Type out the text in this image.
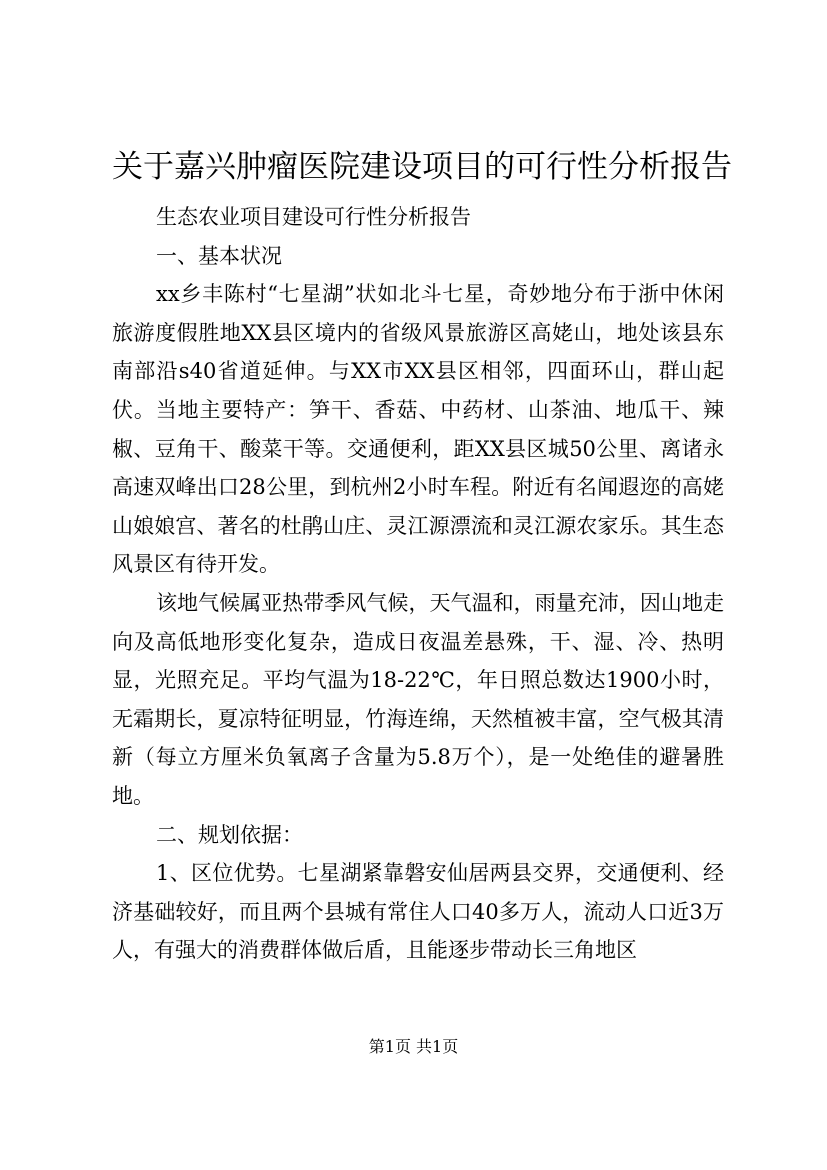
关于嘉兴肿瘤医院建设项目的可行性分析报告

生态农业项目建设可行性分析报告

一、基本状况

xx乡丰陈村“七星湖”状如北斗七星，奇妙地分布于浙中休闲旅游度假胜地XX县区境内的省级风景旅游区高姥山，地处该县东南部沿s40省道延伸。与XX市XX县区相邻，四面环山，群山起伏。当地主要特产：笋干、香菇、中药材、山茶油、地瓜干、辣椒、豆角干、酸菜干等。交通便利，距XX县区城50公里、离诸永高速双峰出口28公里，到杭州2小时车程。附近有名闻遐迩的高姥山娘娘宫、著名的杜鹃山庄、灵江源漂流和灵江源农家乐。其生态风景区有待开发。

该地气候属亚热带季风气候，天气温和，雨量充沛，因山地走向及高低地形变化复杂，造成日夜温差悬殊，干、湿、冷、热明显，光照充足。平均气温为18-22℃，年日照总数达1900小时，无霜期长，夏凉特征明显，竹海连绵，天然植被丰富，空气极其清新（每立方厘米负氧离子含量为5.8万个），是一处绝佳的避暑胜地。

二、规划依据：

1、区位优势。七星湖紧靠磐安仙居两县交界，交通便利、经济基础较好，而且两个县城有常住人口40多万人，流动人口近3万人，有强大的消费群体做后盾，且能逐步带动长三角地区

第1页 共1页
